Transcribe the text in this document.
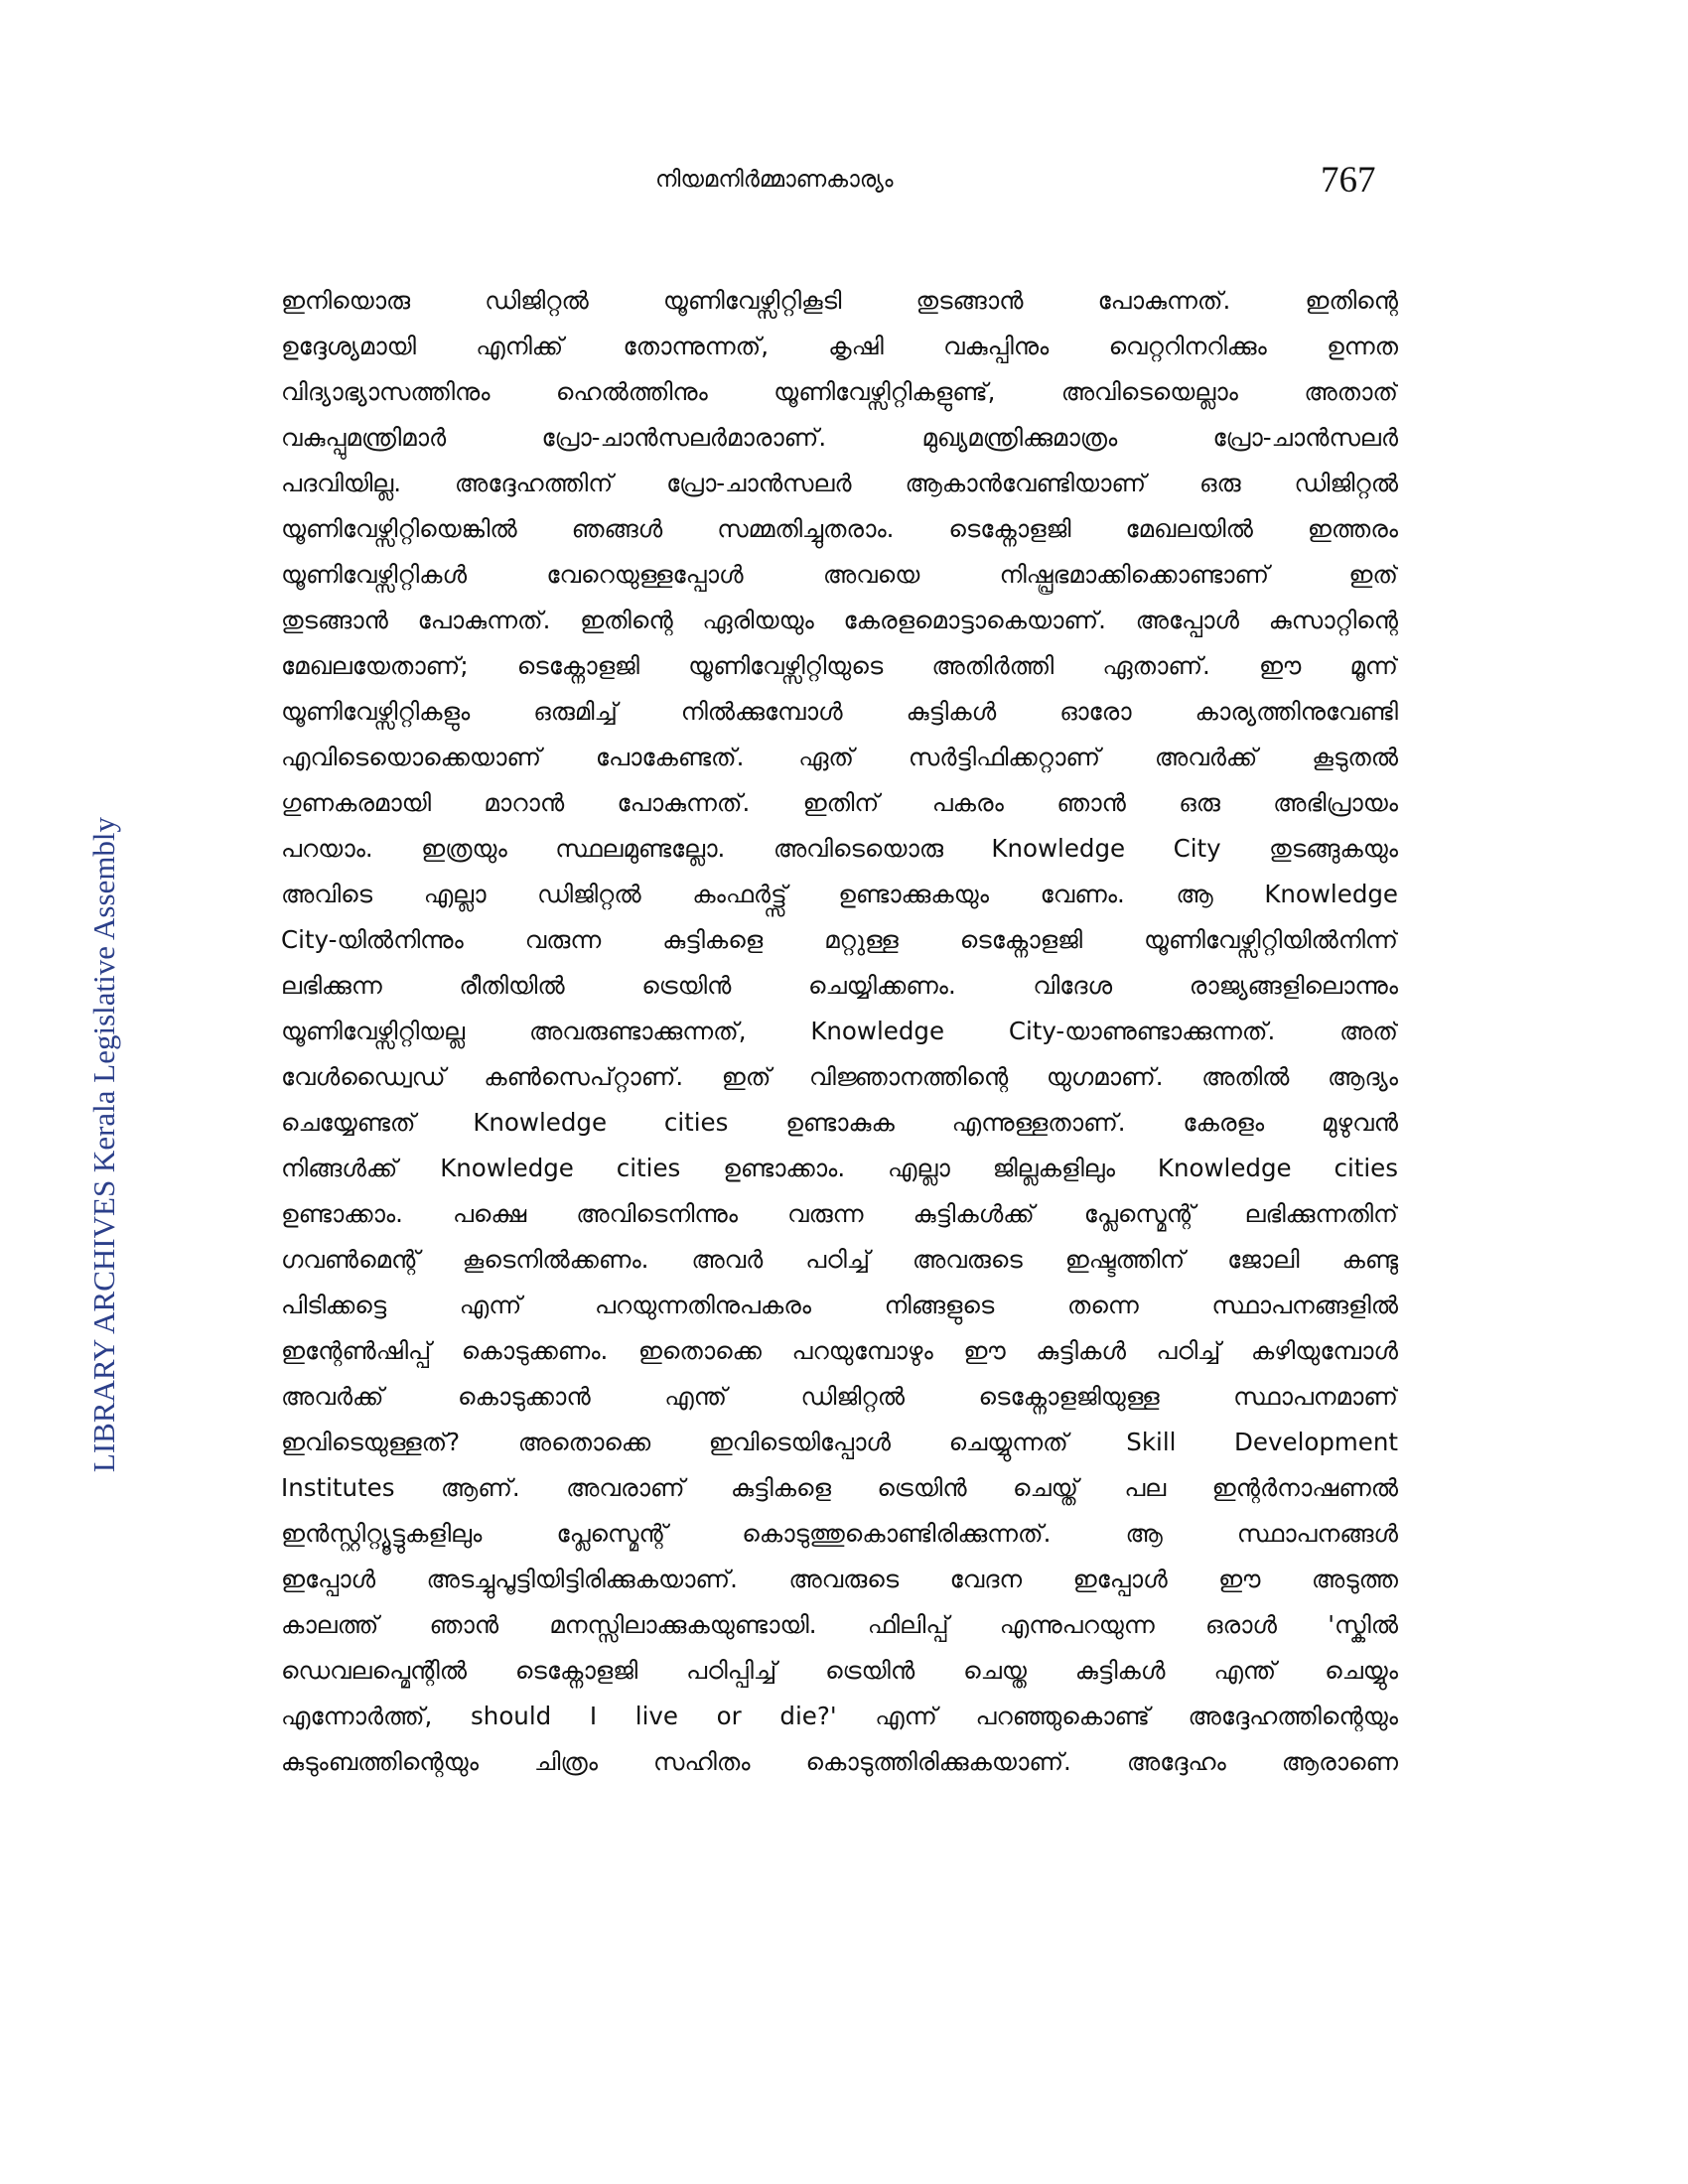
നിയമനിർമ്മാണകാര്യം	767
LIBRARY ARCHIVES Kerala Legislative Assembly
ഇനിയൊരു ഡിജിറ്റൽ യൂണിവേഴ്സിറ്റികൂടി തുടങ്ങാൻ പോകുന്നത്. ഇതിന്റെ
ഉദ്ദേശ്യമായി എനിക്ക് തോന്നുന്നത്, കൃഷി വകുപ്പിനും വെറ്ററിനറിക്കും ഉന്നത
വിദ്യാഭ്യാസത്തിനും ഹെൽത്തിനും യൂണിവേഴ്സിറ്റികളുണ്ട്, അവിടെയെല്ലാം അതാത്
വകുപ്പുമന്ത്രിമാർ പ്രോ-ചാൻസലർമാരാണ്. മുഖ്യമന്ത്രിക്കുമാത്രം പ്രോ-ചാൻസലർ
പദവിയില്ല. അദ്ദേഹത്തിന് പ്രോ-ചാൻസലർ ആകാൻവേണ്ടിയാണ് ഒരു ഡിജിറ്റൽ
യൂണിവേഴ്സിറ്റിയെങ്കിൽ ഞങ്ങൾ സമ്മതിച്ചുതരാം. ടെക്നോളജി മേഖലയിൽ ഇത്തരം
യൂണിവേഴ്സിറ്റികൾ വേറെയുള്ളപ്പോൾ അവയെ നിഷ്പ്രഭമാക്കിക്കൊണ്ടാണ് ഇത്
തുടങ്ങാൻ പോകുന്നത്. ഇതിന്റെ ഏരിയയും കേരളമൊട്ടാകെയാണ്. അപ്പോൾ കുസാറ്റിന്റെ
മേഖലയേതാണ്; ടെക്നോളജി യൂണിവേഴ്സിറ്റിയുടെ അതിർത്തി ഏതാണ്. ഈ മൂന്ന്
യൂണിവേഴ്സിറ്റികളും ഒരുമിച്ച് നിൽക്കുമ്പോൾ കുട്ടികൾ ഓരോ കാര്യത്തിനുവേണ്ടി
എവിടെയൊക്കെയാണ് പോകേണ്ടത്. ഏത് സർട്ടിഫിക്കറ്റാണ് അവർക്ക് കൂടുതൽ
ഗുണകരമായി മാറാൻ പോകുന്നത്. ഇതിന് പകരം ഞാൻ ഒരു അഭിപ്രായം
പറയാം. ഇത്രയും സ്ഥലമുണ്ടല്ലോ. അവിടെയൊരു Knowledge City തുടങ്ങുകയും
അവിടെ എല്ലാ ഡിജിറ്റൽ കംഫർട്ട്സ് ഉണ്ടാക്കുകയും വേണം. ആ Knowledge
City-യിൽനിന്നും വരുന്ന കുട്ടികളെ മറ്റുള്ള ടെക്നോളജി യൂണിവേഴ്സിറ്റിയിൽനിന്ന്
ലഭിക്കുന്ന രീതിയിൽ ട്രെയിൻ ചെയ്യിക്കണം. വിദേശ രാജ്യങ്ങളിലൊന്നും
യൂണിവേഴ്സിറ്റിയല്ല അവരുണ്ടാക്കുന്നത്, Knowledge City-യാണുണ്ടാക്കുന്നത്. അത്
വേൾഡ്വൈഡ് കൺസെപ്റ്റാണ്. ഇത് വിജ്ഞാനത്തിന്റെ യുഗമാണ്. അതിൽ ആദ്യം
ചെയ്യേണ്ടത് Knowledge cities ഉണ്ടാകുക എന്നുള്ളതാണ്. കേരളം മുഴുവൻ
നിങ്ങൾക്ക് Knowledge cities ഉണ്ടാക്കാം. എല്ലാ ജില്ലകളിലും Knowledge cities
ഉണ്ടാക്കാം. പക്ഷെ അവിടെനിന്നും വരുന്ന കുട്ടികൾക്ക് പ്ലേസ്മെന്റ് ലഭിക്കുന്നതിന്
ഗവൺമെന്റ് കൂടെനിൽക്കണം. അവർ പഠിച്ച് അവരുടെ ഇഷ്ടത്തിന് ജോലി കണ്ടു
പിടിക്കട്ടെ എന്ന് പറയുന്നതിനുപകരം നിങ്ങളുടെ തന്നെ സ്ഥാപനങ്ങളിൽ
ഇന്റേൺഷിപ്പ് കൊടുക്കണം. ഇതൊക്കെ പറയുമ്പോഴും ഈ കുട്ടികൾ പഠിച്ച് കഴിയുമ്പോൾ
അവർക്ക് കൊടുക്കാൻ എന്ത് ഡിജിറ്റൽ ടെക്നോളജിയുള്ള സ്ഥാപനമാണ്
ഇവിടെയുള്ളത്? അതൊക്കെ ഇവിടെയിപ്പോൾ ചെയ്യുന്നത് Skill Development
Institutes ആണ്. അവരാണ് കുട്ടികളെ ട്രെയിൻ ചെയ്ത് പല ഇന്റർനാഷണൽ
ഇൻസ്റ്റിറ്റ്യൂട്ടുകളിലും പ്ലേസ്മെന്റ് കൊടുത്തുകൊണ്ടിരിക്കുന്നത്. ആ സ്ഥാപനങ്ങൾ
ഇപ്പോൾ അടച്ചുപൂട്ടിയിട്ടിരിക്കുകയാണ്. അവരുടെ വേദന ഇപ്പോൾ ഈ അടുത്ത
കാലത്ത് ഞാൻ മനസ്സിലാക്കുകയുണ്ടായി. ഫിലിപ്പ് എന്നുപറയുന്ന ഒരാൾ 'സ്കിൽ
ഡെവലപ്മെന്റിൽ ടെക്നോളജി പഠിപ്പിച്ച് ട്രെയിൻ ചെയ്ത കുട്ടികൾ എന്ത് ചെയ്യും
എന്നോർത്ത്, should I live or die?' എന്ന് പറഞ്ഞുകൊണ്ട് അദ്ദേഹത്തിന്റെയും
കുടുംബത്തിന്റെയും ചിത്രം സഹിതം കൊടുത്തിരിക്കുകയാണ്. അദ്ദേഹം ആരാണെ
